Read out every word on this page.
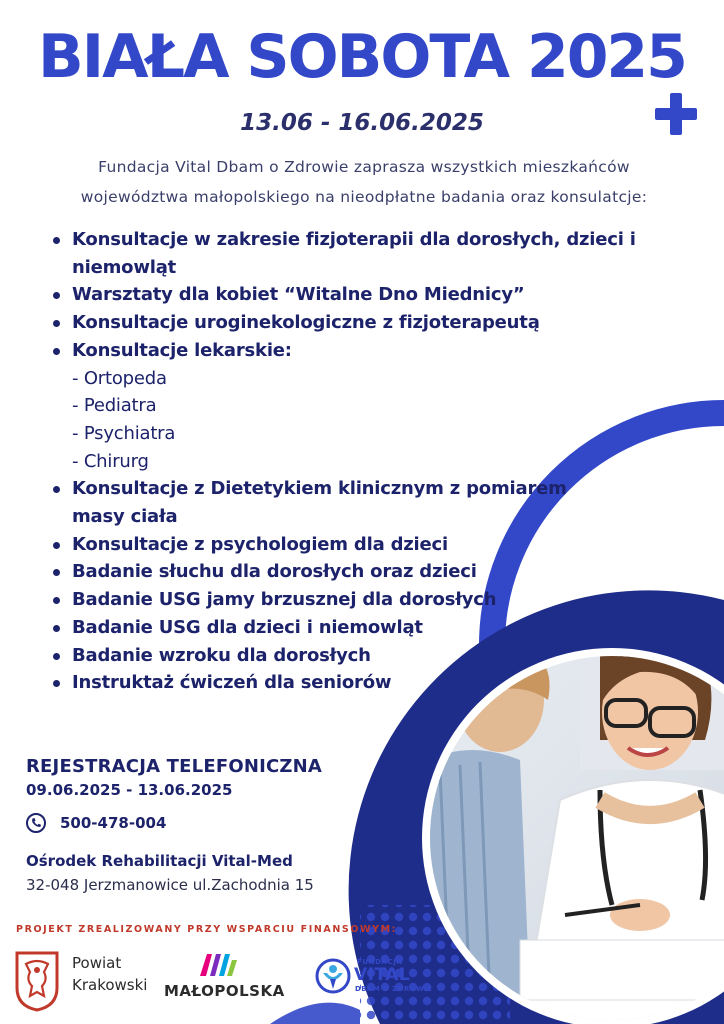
BIAŁA SOBOTA 2025
13.06 - 16.06.2025
Fundacja Vital Dbam o Zdrowie zaprasza wszystkich mieszkańców
województwa małopolskiego na nieodpłatne badania oraz konsulatcje:
Konsultacje w zakresie fizjoterapii dla dorosłych, dzieci i
niemowląt
Warsztaty dla kobiet “Witalne Dno Miednicy”
Konsultacje uroginekologiczne z fizjoterapeutą
Konsultacje lekarskie:
- Ortopeda
- Pediatra
- Psychiatra
- Chirurg
Konsultacje z Dietetykiem klinicznym z pomiarem
masy ciała
Konsultacje z psychologiem dla dzieci
Badanie słuchu dla dorosłych oraz dzieci
Badanie USG jamy brzusznej dla dorosłych
Badanie USG dla dzieci i niemowląt
Badanie wzroku dla dorosłych
Instruktaż ćwiczeń dla seniorów
REJESTRACJA TELEFONICZNA
09.06.2025 - 13.06.2025
500-478-004
Ośrodek Rehabilitacji Vital-Med
32-048 Jerzmanowice ul.Zachodnia 15
PROJEKT ZREALIZOWANY PRZY WSPARCIU FINANSOWYM:
Powiat
Krakowski MAŁOPOLSKA
FUNDACJA
VITAL
DBAM O ZDROWIE
